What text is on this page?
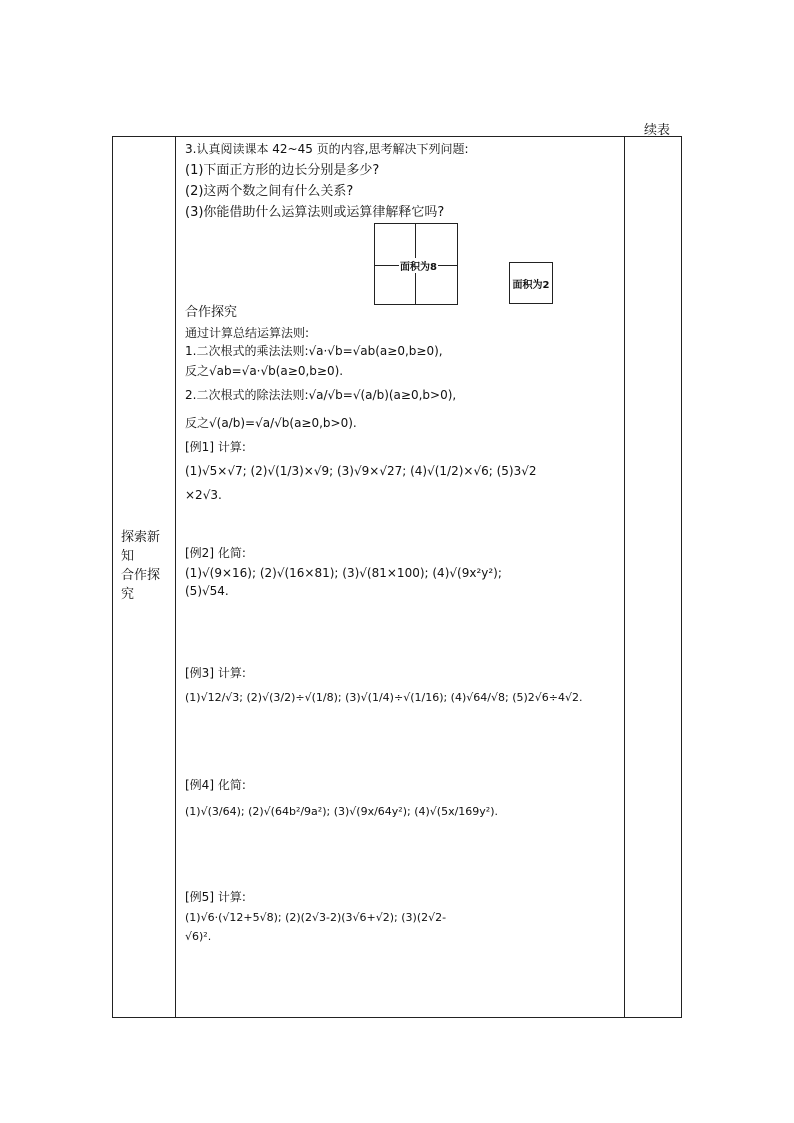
续表
探索新
知
合作探
究

3.认真阅读课本 42~45 页的内容,思考解决下列问题:
(1)下面正方形的边长分别是多少?
(2)这两个数之间有什么关系?
(3)你能借助什么运算法则或运算律解释它吗?
面积为8
面积为2
合作探究
通过计算总结运算法则:
1.二次根式的乘法法则:√a·√b=√ab(a≥0,b≥0),
反之√ab=√a·√b(a≥0,b≥0).
2.二次根式的除法法则:√a/√b=√(a/b)(a≥0,b>0),
反之√(a/b)=√a/√b(a≥0,b>0).
[例1] 计算:
(1)√5×√7; (2)√(1/3)×√9; (3)√9×√27; (4)√(1/2)×√6; (5)3√2
×2√3.
[例2] 化简:
(1)√(9×16); (2)√(16×81); (3)√(81×100); (4)√(9x²y²);
(5)√54.
[例3] 计算:
(1)√12/√3; (2)√(3/2)÷√(1/8); (3)√(1/4)÷√(1/16); (4)√64/√8; (5)2√6÷4√2.
[例4] 化简:
(1)√(3/64); (2)√(64b²/9a²); (3)√(9x/64y²); (4)√(5x/169y²).
[例5] 计算:
(1)√6·(√12+5√8); (2)(2√3-2)(3√6+√2); (3)(2√2-
√6)².
